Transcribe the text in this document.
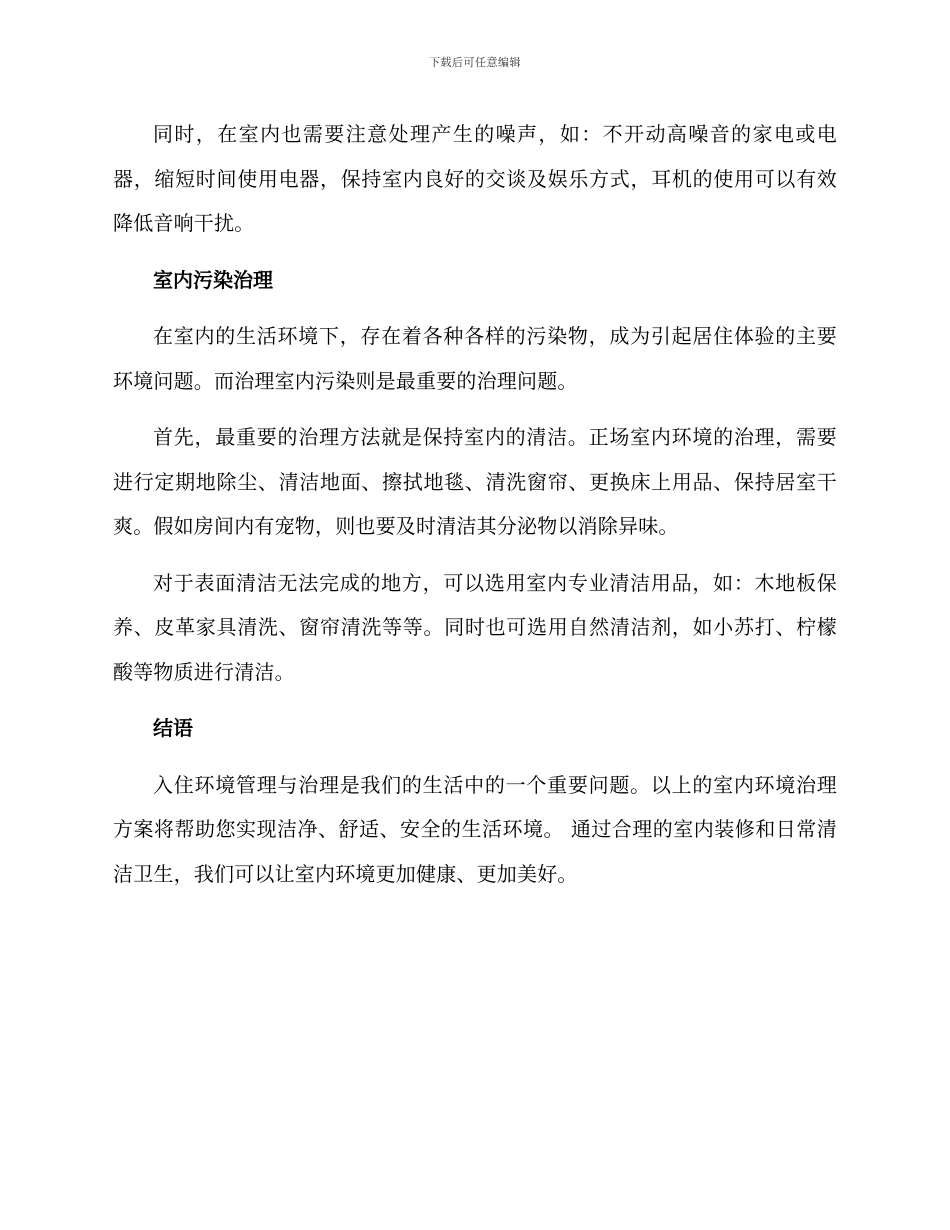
下载后可任意编辑

同时，在室内也需要注意处理产生的噪声，如：不开动高噪音的家电或电器，缩短时间使用电器，保持室内良好的交谈及娱乐方式，耳机的使用可以有效降低音响干扰。

室内污染治理

在室内的生活环境下，存在着各种各样的污染物，成为引起居住体验的主要环境问题。而治理室内污染则是最重要的治理问题。

首先，最重要的治理方法就是保持室内的清洁。正场室内环境的治理，需要进行定期地除尘、清洁地面、擦拭地毯、清洗窗帘、更换床上用品、保持居室干爽。假如房间内有宠物，则也要及时清洁其分泌物以消除异味。

对于表面清洁无法完成的地方，可以选用室内专业清洁用品，如：木地板保养、皮革家具清洗、窗帘清洗等等。同时也可选用自然清洁剂，如小苏打、柠檬酸等物质进行清洁。

结语

入住环境管理与治理是我们的生活中的一个重要问题。以上的室内环境治理方案将帮助您实现洁净、舒适、安全的生活环境。 通过合理的室内装修和日常清洁卫生，我们可以让室内环境更加健康、更加美好。
